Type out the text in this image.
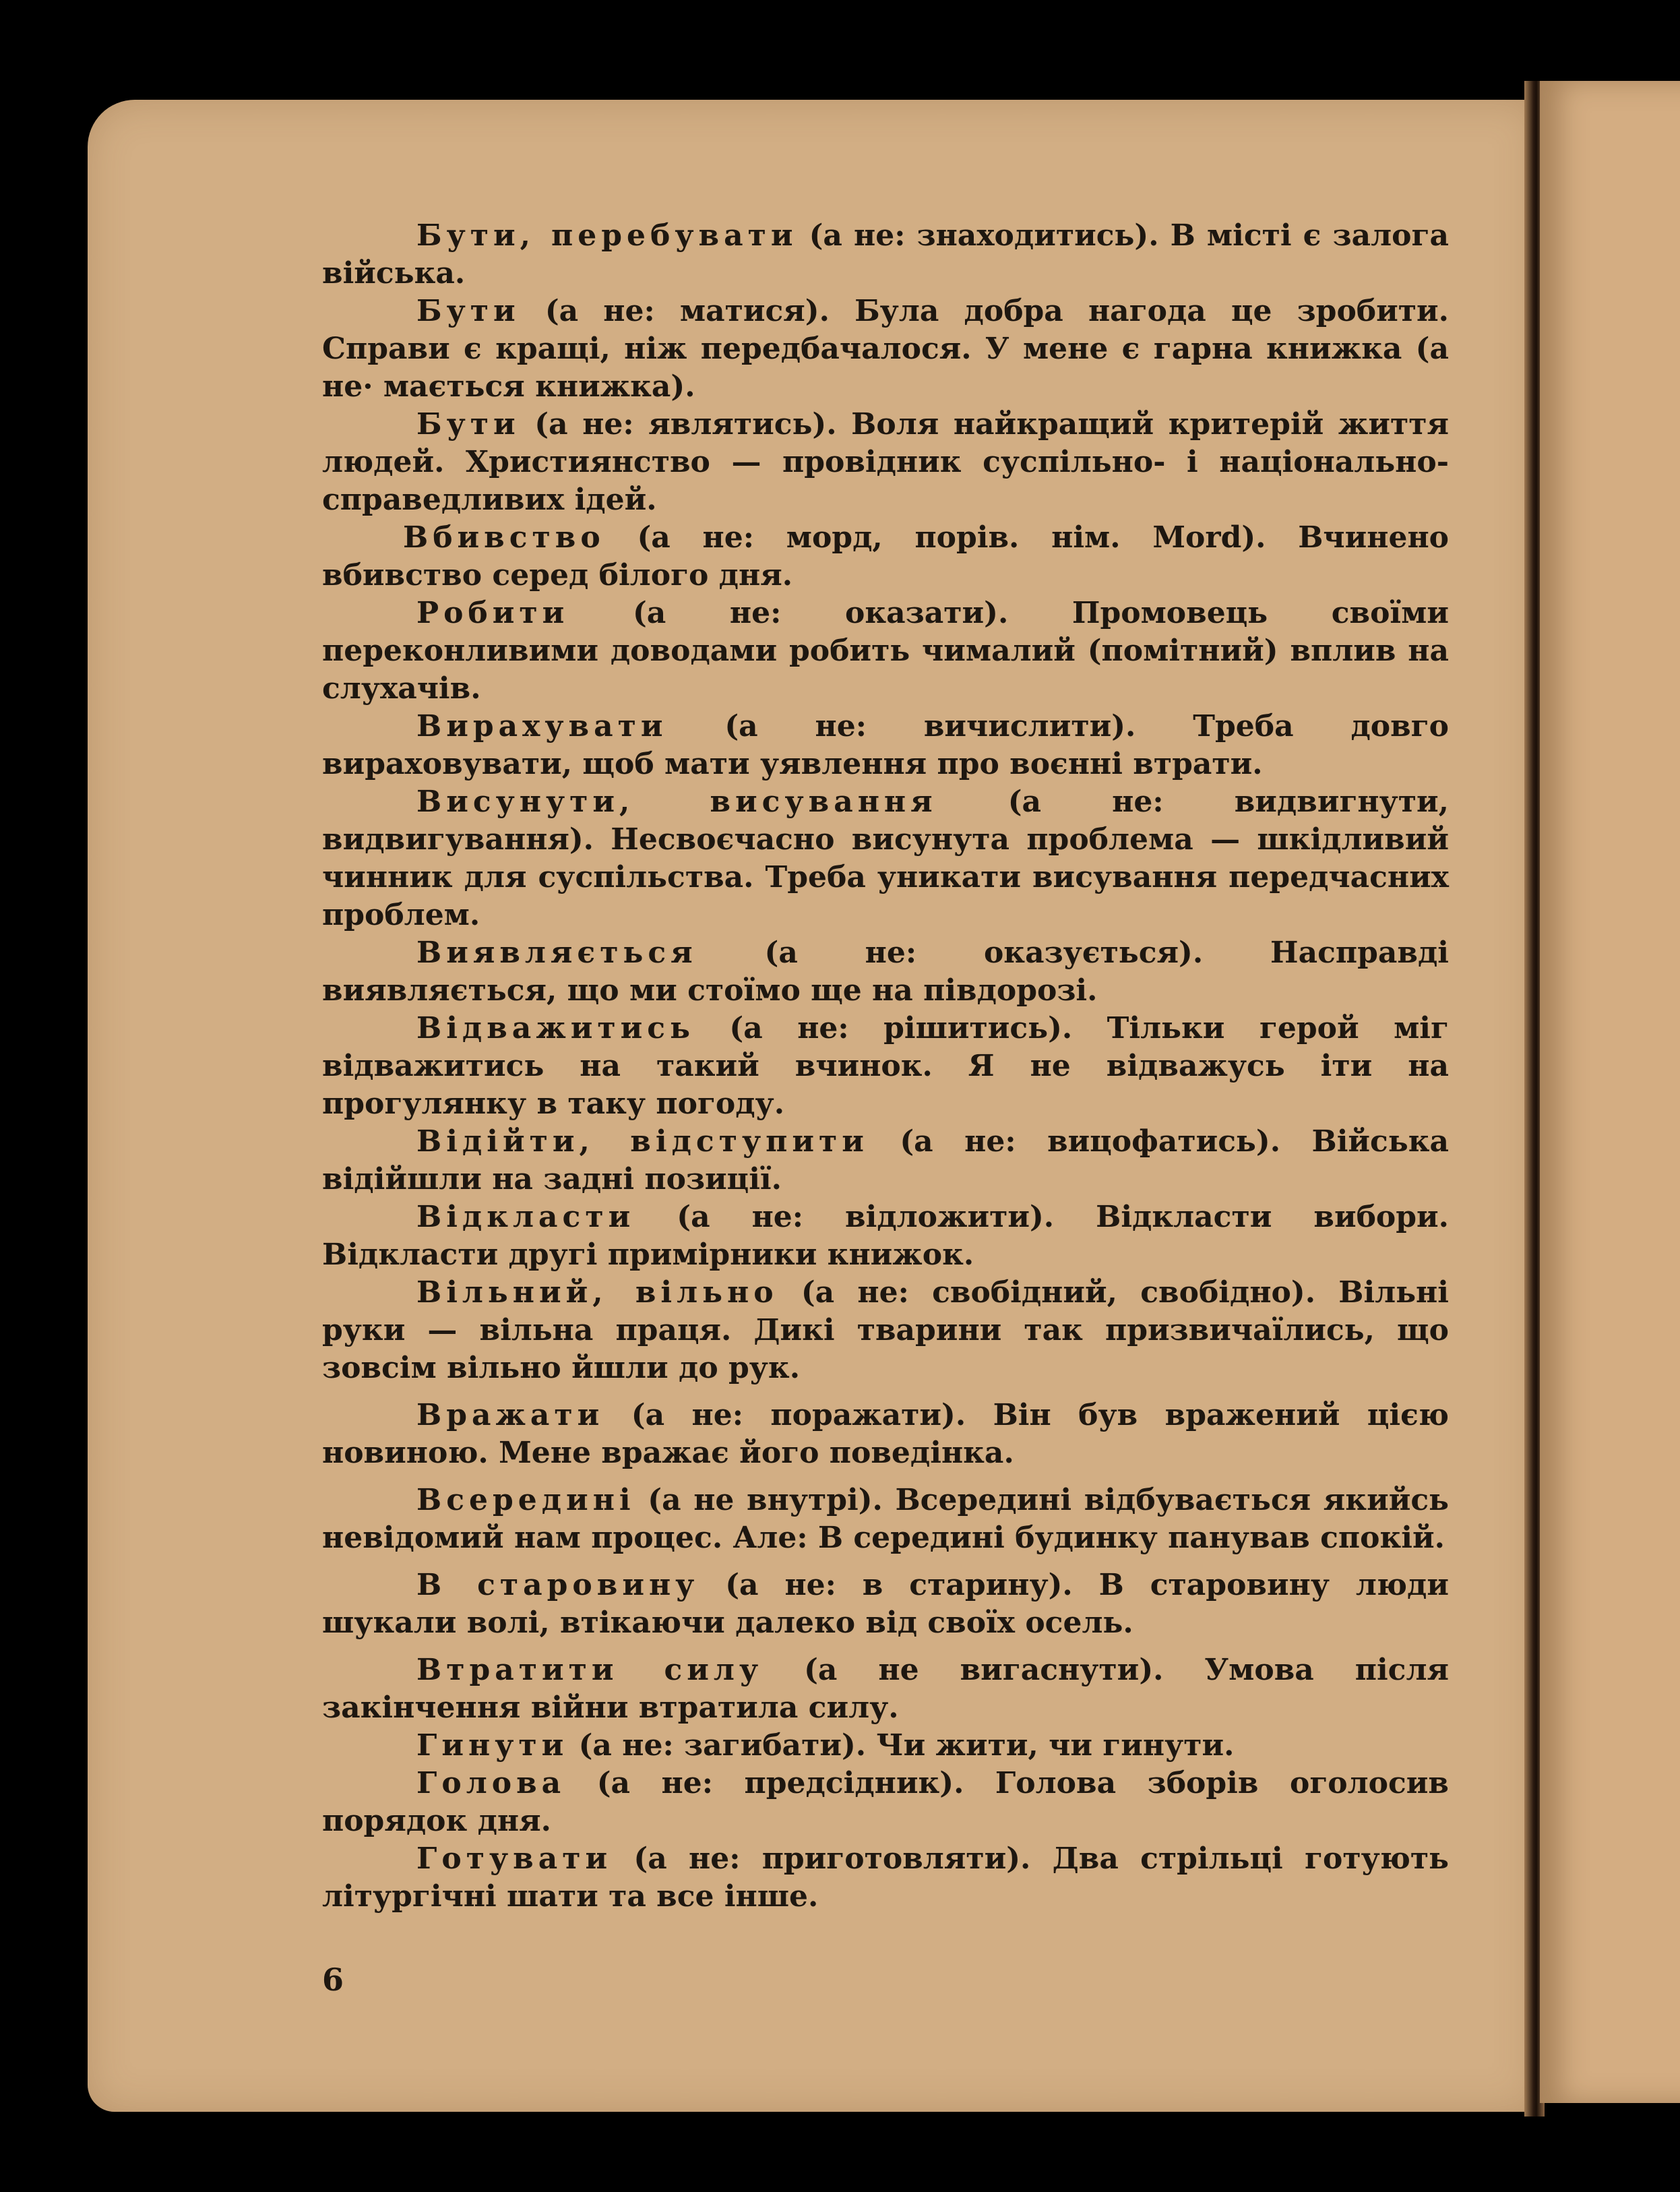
Бути, перебувати (а не: знаходитись). В місті є залога війська.

Бути (а не: матися). Була добра нагода це зробити. Справи є кращі, ніж передбачалося. У мене є гарна книжка (а не· мається книжка).

Бути (а не: являтись). Воля найкращий критерій життя людей. Християнство — провідник суспільно- і національно-справедливих ідей.

Вбивство (а не: морд, порів. нім. Mord). Вчинено вбивство серед білого дня.

Робити (а не: оказати). Промовець своїми переконливими доводами робить чималий (помітний) вплив на слухачів.

Вирахувати (а не: вичислити). Треба довго вираховувати, щоб мати уявлення про воєнні втрати.

Висунути, висування (а не: видвигнути, видвигування). Несвоєчасно висунута проблема — шкідливий чинник для суспільства. Треба уникати висування передчасних проблем.

Виявляється (а не: оказується). Насправді виявляється, що ми стоїмо ще на півдорозі.

Відважитись (а не: рішитись). Тільки герой міг відважитись на такий вчинок. Я не відважусь іти на прогулянку в таку погоду.

Відійти, відступити (а не: вицофатись). Війська відійшли на задні позиції.

Відкласти (а не: відложити). Відкласти вибори. Відкласти другі примірники книжок.

Вільний, вільно (а не: свобідний, свобідно). Вільні руки — вільна праця. Дикі тварини так призвичаїлись, що зовсім вільно йшли до рук.

Вражати (а не: поражати). Він був вражений цією новиною. Мене вражає його поведінка.

Всередині (а не внутрі). Всередині відбувається якийсь невідомий нам процес. Але: В середині будинку панував спокій.

В старовину (а не: в старину). В старовину люди шукали волі, втікаючи далеко від своїх осель.

Втратити силу (а не вигаснути). Умова після закінчення війни втратила силу.

Гинути (а не: загибати). Чи жити, чи гинути.

Голова (а не: предсідник). Голова зборів оголосив порядок дня.

Готувати (а не: приготовляти). Два стрільці готують літургічні шати та все інше.

6
